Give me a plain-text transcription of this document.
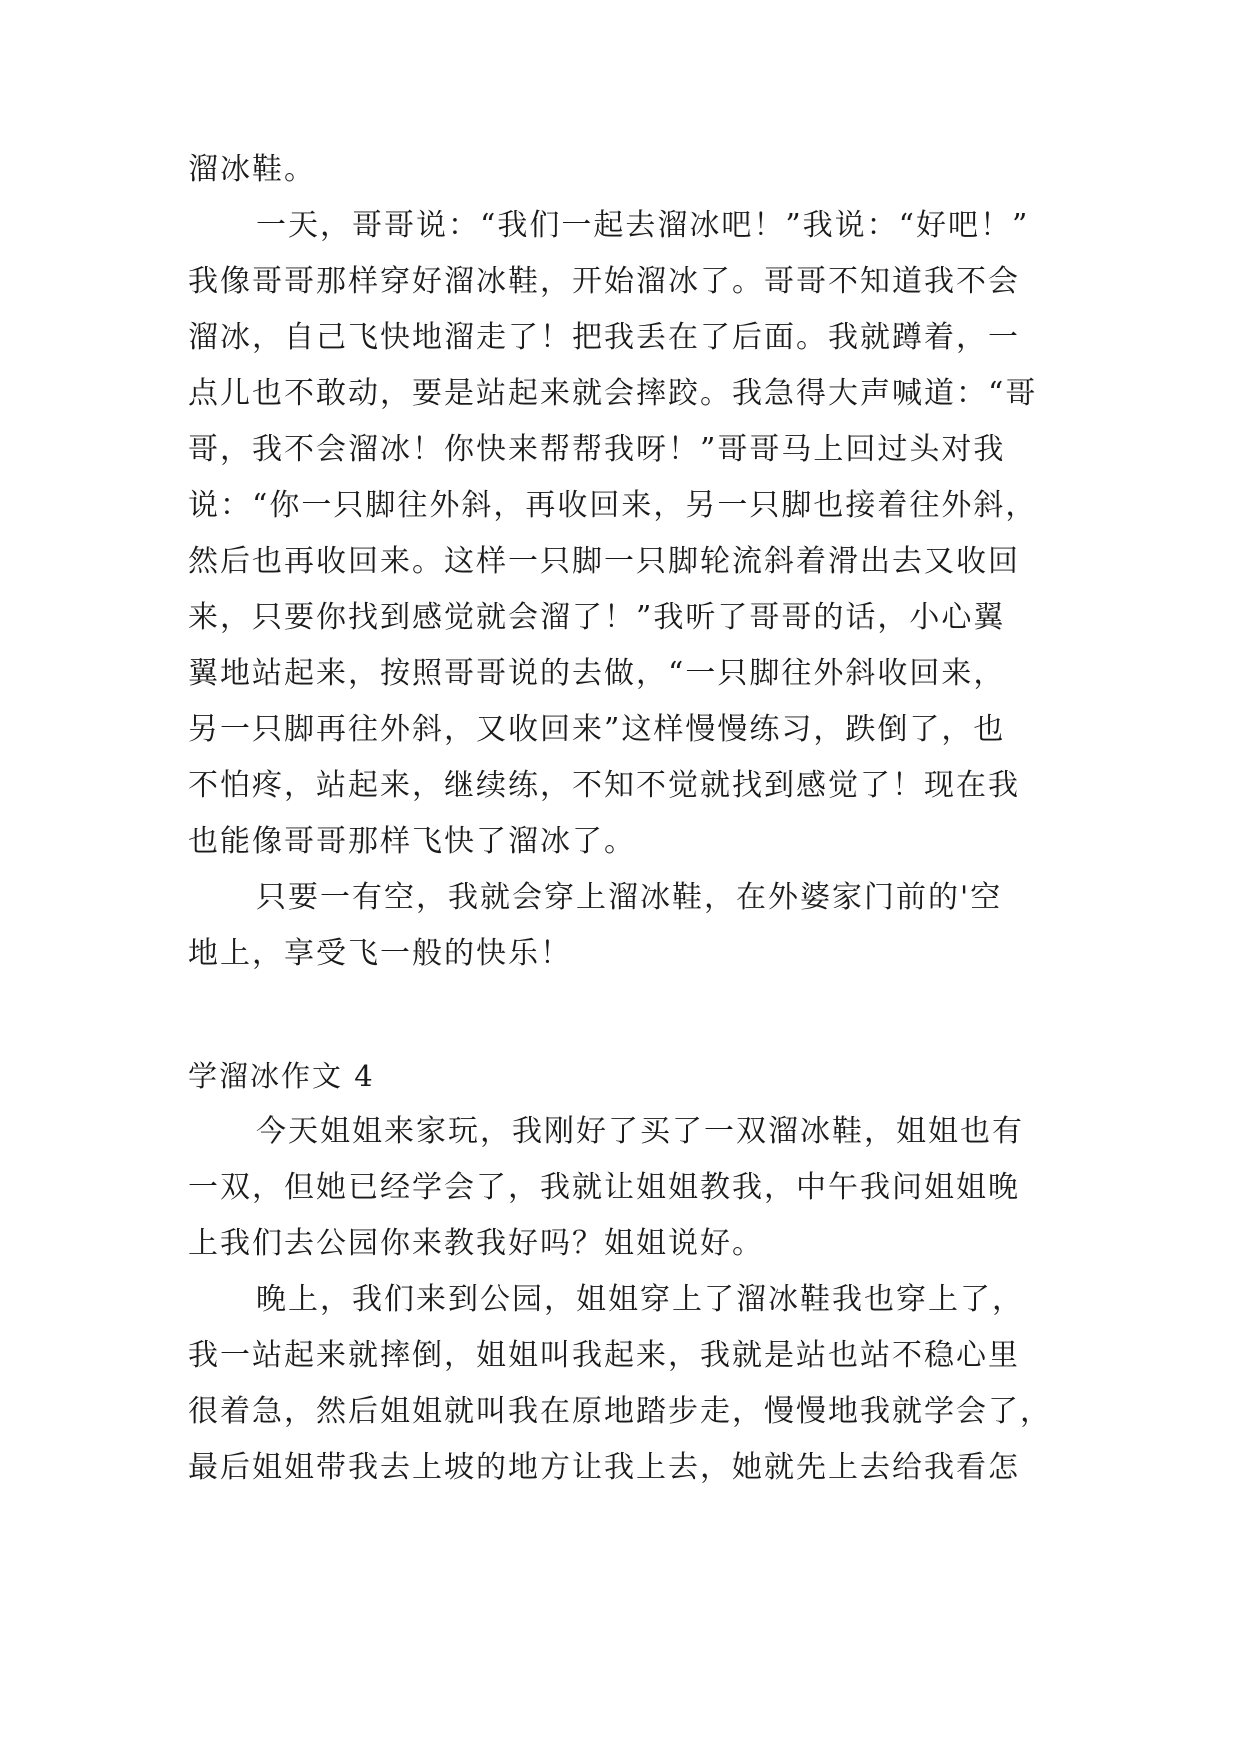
溜冰鞋。
一天，哥哥说：“我们一起去溜冰吧！”我说：“好吧！”
我像哥哥那样穿好溜冰鞋，开始溜冰了。哥哥不知道我不会
溜冰，自己飞快地溜走了！把我丢在了后面。我就蹲着，一
点儿也不敢动，要是站起来就会摔跤。我急得大声喊道：“哥
哥，我不会溜冰！你快来帮帮我呀！”哥哥马上回过头对我
说：“你一只脚往外斜，再收回来，另一只脚也接着往外斜，
然后也再收回来。这样一只脚一只脚轮流斜着滑出去又收回
来，只要你找到感觉就会溜了！”我听了哥哥的话，小心翼
翼地站起来，按照哥哥说的去做，“一只脚往外斜收回来，
另一只脚再往外斜，又收回来”这样慢慢练习，跌倒了，也
不怕疼，站起来，继续练，不知不觉就找到感觉了！现在我
也能像哥哥那样飞快了溜冰了。
只要一有空，我就会穿上溜冰鞋，在外婆家门前的'空
地上，享受飞一般的快乐！
学溜冰作文 4
今天姐姐来家玩，我刚好了买了一双溜冰鞋，姐姐也有
一双，但她已经学会了，我就让姐姐教我，中午我问姐姐晚
上我们去公园你来教我好吗？姐姐说好。
晚上，我们来到公园，姐姐穿上了溜冰鞋我也穿上了，
我一站起来就摔倒，姐姐叫我起来，我就是站也站不稳心里
很着急，然后姐姐就叫我在原地踏步走，慢慢地我就学会了，
最后姐姐带我去上坡的地方让我上去，她就先上去给我看怎
